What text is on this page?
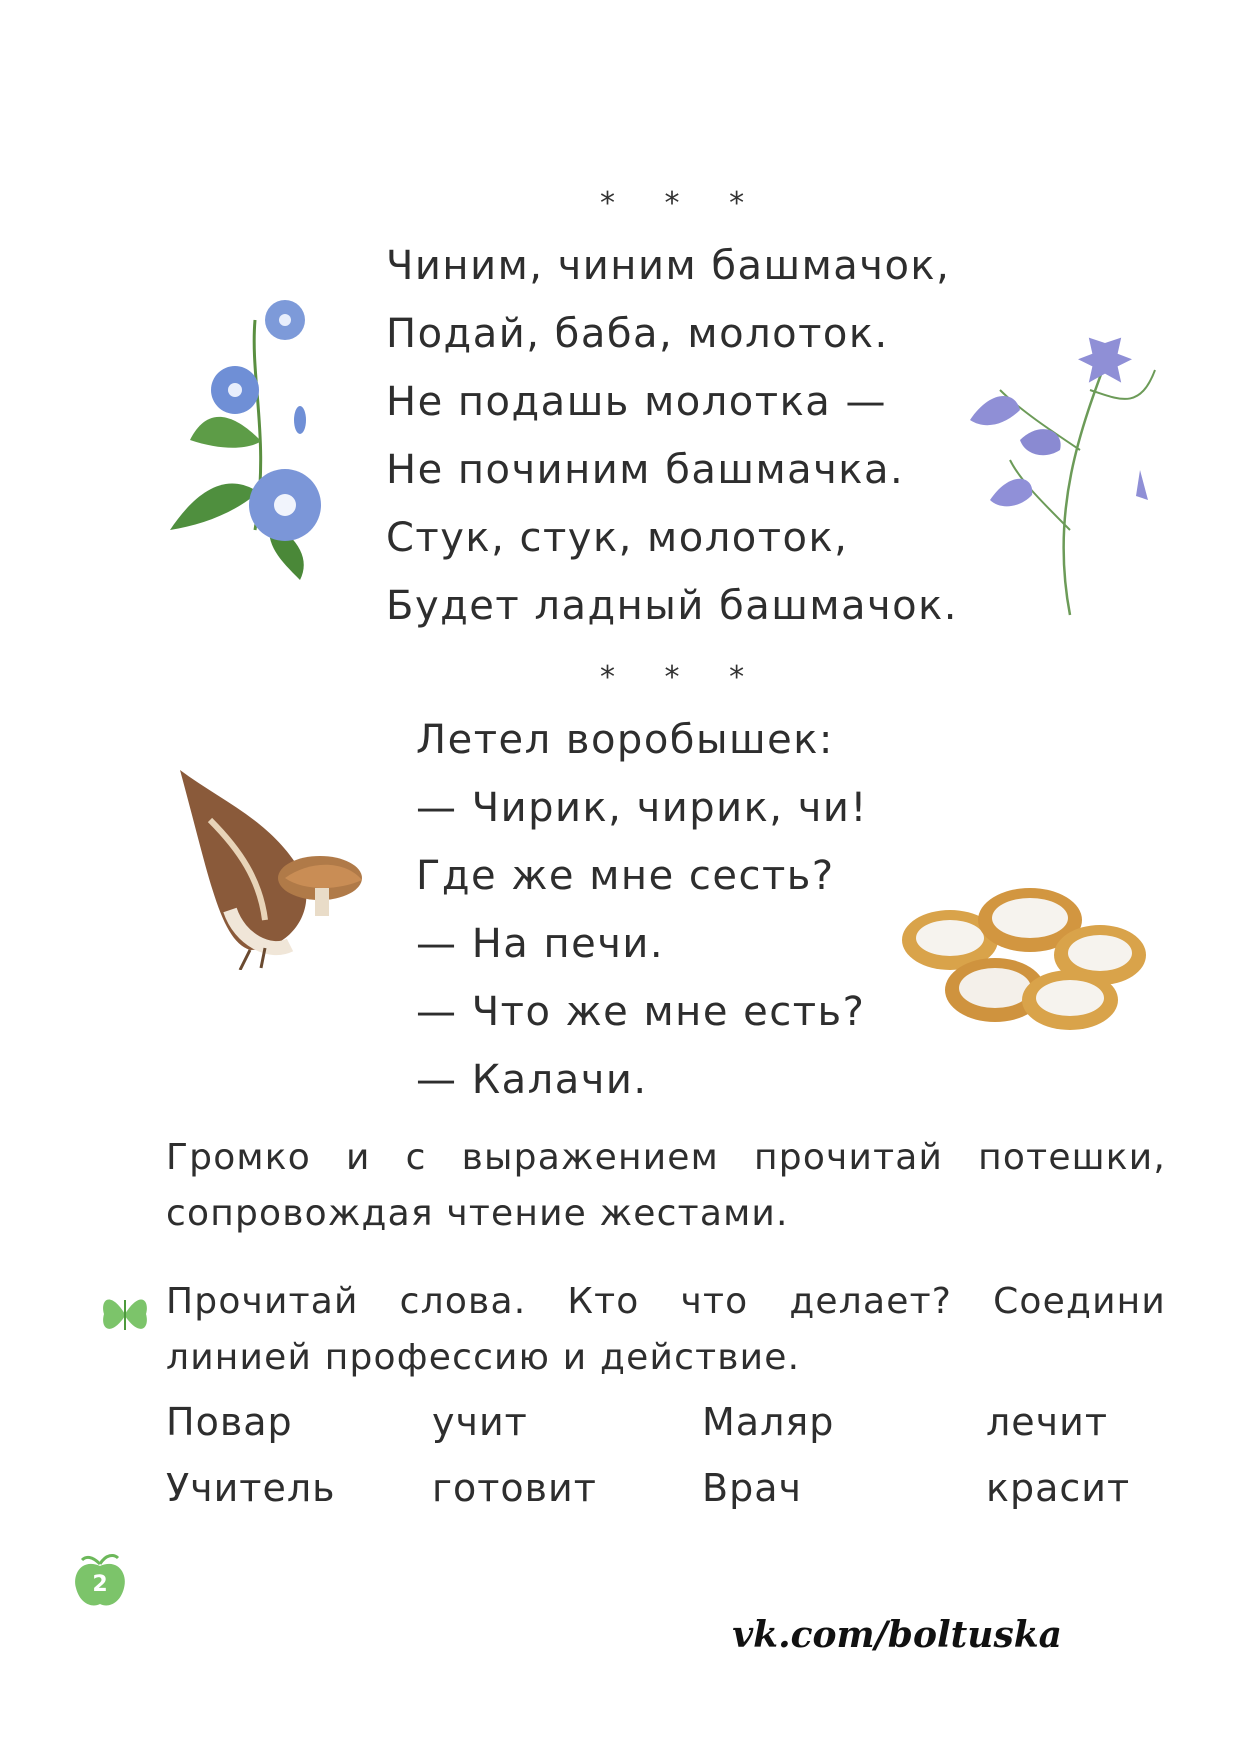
* * *
Чиним, чиним башмачок,
Подай, баба, молоток.
Не подашь молотка —
Не починим башмачка.
Стук, стук, молоток,
Будет ладный башмачок.
* * *
Летел воробышек:
— Чирик, чирик, чи!
Где же мне сесть?
— На печи.
— Что же мне есть?
— Калачи.
Громко и с выражением прочитай потешки, сопровождая чтение жестами.
Прочитай слова. Кто что делает? Соедини линией профессию и действие.
Повар	учит	Маляр	лечит
Учитель	готовит	Врач	красит
2
vk.com/boltuska
